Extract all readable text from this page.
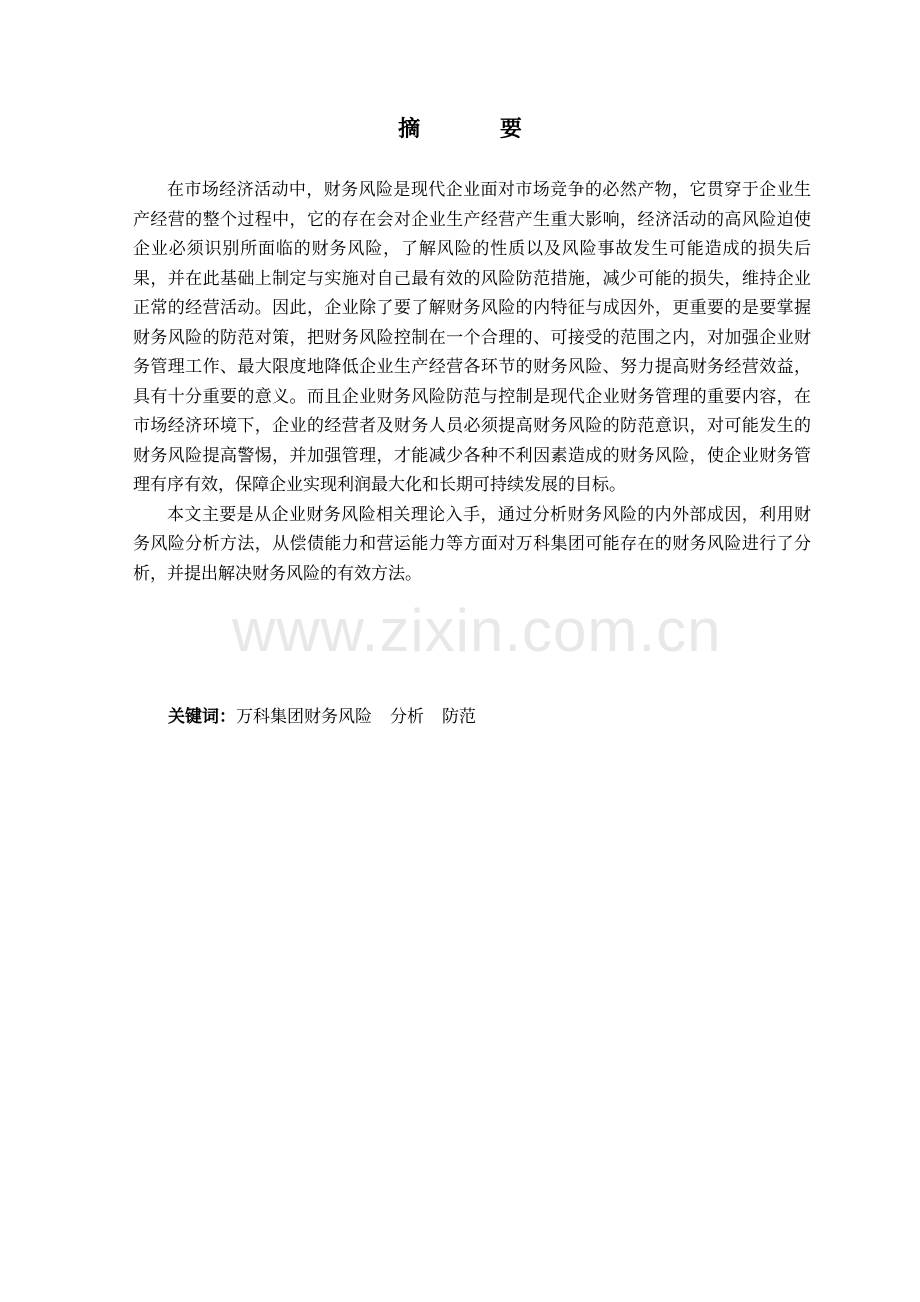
摘 要

在市场经济活动中，财务风险是现代企业面对市场竞争的必然产物，它贯穿于企业生产经营的整个过程中，它的存在会对企业生产经营产生重大影响，经济活动的高风险迫使企业必须识别所面临的财务风险，了解风险的性质以及风险事故发生可能造成的损失后果，并在此基础上制定与实施对自己最有效的风险防范措施，减少可能的损失，维持企业正常的经营活动。因此，企业除了要了解财务风险的内特征与成因外，更重要的是要掌握财务风险的防范对策，把财务风险控制在一个合理的、可接受的范围之内，对加强企业财务管理工作、最大限度地降低企业生产经营各环节的财务风险、努力提高财务经营效益，具有十分重要的意义。而且企业财务风险防范与控制是现代企业财务管理的重要内容，在市场经济环境下，企业的经营者及财务人员必须提高财务风险的防范意识，对可能发生的财务风险提高警惕，并加强管理，才能减少各种不利因素造成的财务风险，使企业财务管理有序有效，保障企业实现利润最大化和长期可持续发展的目标。

本文主要是从企业财务风险相关理论入手，通过分析财务风险的内外部成因，利用财务风险分析方法，从偿债能力和营运能力等方面对万科集团可能存在的财务风险进行了分析，并提出解决财务风险的有效方法。

www.zixin.com.cn
关键词：万科集团财务风险 分析 防范
